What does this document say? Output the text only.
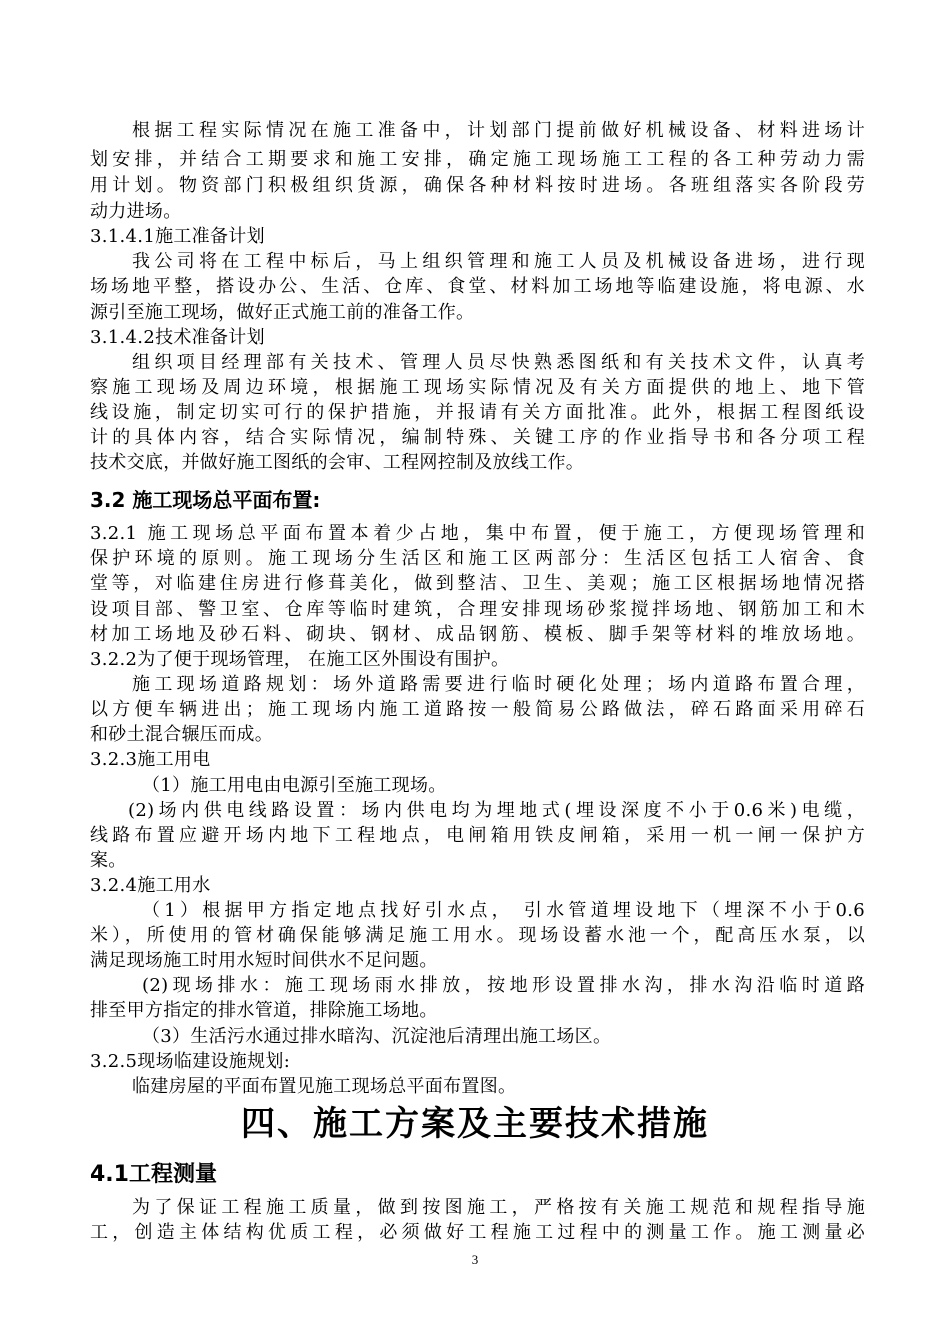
根据工程实际情况在施工准备中，计划部门提前做好机械设备、材料进场计
划安排，并结合工期要求和施工安排，确定施工现场施工工程的各工种劳动力需
用计划。物资部门积极组织货源，确保各种材料按时进场。各班组落实各阶段劳
动力进场。
3.1.4.1施工准备计划
我公司将在工程中标后，马上组织管理和施工人员及机械设备进场，进行现
场场地平整，搭设办公、生活、仓库、食堂、材料加工场地等临建设施，将电源、水
源引至施工现场，做好正式施工前的准备工作。
3.1.4.2技术准备计划
组织项目经理部有关技术、管理人员尽快熟悉图纸和有关技术文件，认真考
察施工现场及周边环境，根据施工现场实际情况及有关方面提供的地上、地下管
线设施，制定切实可行的保护措施，并报请有关方面批准。此外，根据工程图纸设
计的具体内容，结合实际情况，编制特殊、关键工序的作业指导书和各分项工程
技术交底，并做好施工图纸的会审、工程网控制及放线工作。
3.2 施工现场总平面布置:
3.2.1 施工现场总平面布置本着少占地，集中布置，便于施工，方便现场管理和
保护环境的原则。施工现场分生活区和施工区两部分：生活区包括工人宿舍、食
堂等，对临建住房进行修葺美化，做到整洁、卫生、美观；施工区根据场地情况搭
设项目部、警卫室、仓库等临时建筑，合理安排现场砂浆搅拌场地、钢筋加工和木
材加工场地及砂石料、砌块、钢材、成品钢筋、模板、脚手架等材料的堆放场地。
3.2.2为了便于现场管理， 在施工区外围设有围护。
施工现场道路规划：场外道路需要进行临时硬化处理；场内道路布置合理，
以方便车辆进出；施工现场内施工道路按一般简易公路做法，碎石路面采用碎石
和砂土混合辗压而成。
3.2.3施工用电
（1）施工用电由电源引至施工现场。
(2)场内供电线路设置：场内供电均为埋地式(埋设深度不小于0.6米)电缆，
线路布置应避开场内地下工程地点，电闸箱用铁皮闸箱，采用一机一闸一保护方
案。
3.2.4施工用水
（1）根据甲方指定地点找好引水点， 引水管道埋设地下（埋深不小于0.6
米），所使用的管材确保能够满足施工用水。现场设蓄水池一个，配高压水泵，以
满足现场施工时用水短时间供水不足问题。
(2)现场排水：施工现场雨水排放，按地形设置排水沟，排水沟沿临时道路
排至甲方指定的排水管道，排除施工场地。
（3）生活污水通过排水暗沟、沉淀池后清理出施工场区。
3.2.5现场临建设施规划:
临建房屋的平面布置见施工现场总平面布置图。
四、施工方案及主要技术措施
4.1工程测量
为了保证工程施工质量，做到按图施工，严格按有关施工规范和规程指导施
工，创造主体结构优质工程，必须做好工程施工过程中的测量工作。施工测量必
3
